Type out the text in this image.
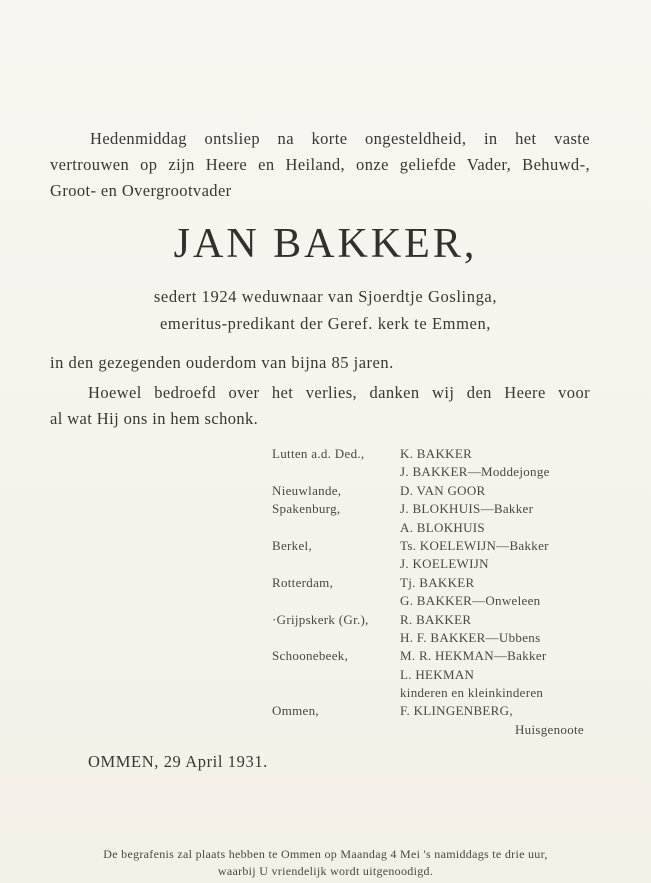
Hedenmiddag ontsliep na korte ongesteldheid, in het vaste
vertrouwen op zijn Heere en Heiland, onze geliefde Vader, Behuwd-,
Groot- en Overgrootvader
JAN BAKKER,
sedert 1924 weduwnaar van Sjoerdtje Goslinga,
emeritus-predikant der Geref. kerk te Emmen,
in den gezegenden ouderdom van bijna 85 jaren.
Hoewel bedroefd over het verlies, danken wij den Heere voor
al wat Hij ons in hem schonk.
Lutten a.d. Ded.,	K. BAKKER
J. BAKKER—Moddejonge
Nieuwlande,	D. VAN GOOR
Spakenburg,	J. BLOKHUIS—Bakker
A. BLOKHUIS
Berkel,	Ts. KOELEWIJN—Bakker
J. KOELEWIJN
Rotterdam,	Tj. BAKKER
G. BAKKER—Onweleen
·Grijpskerk (Gr.), R. BAKKER
H. F. BAKKER—Ubbens
Schoonebeek,	M. R. HEKMAN—Bakker
L. HEKMAN
kinderen en kleinkinderen
Ommen,	F. KLINGENBERG,
Huisgenoote
OMMEN, 29 April 1931.
De begrafenis zal plaats hebben te Ommen op Maandag 4 Mei 's namiddags te drie uur,
waarbij U vriendelijk wordt uitgenoodigd.
